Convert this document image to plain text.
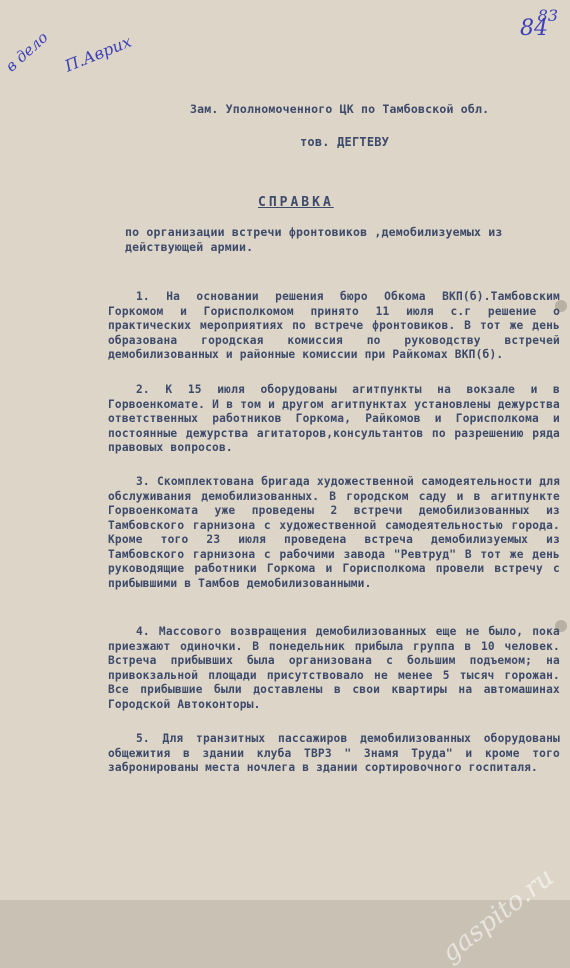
в дело П.Аврих
84
83
Зам. Уполномоченного ЦК по Тамбовской обл.
тов. ДЕГТЕВУ
СПРАВКА
по организации встречи фронтовиков ,демобилизуемых из действующей армии.
1. На основании решения бюро Обкома ВКП(б).Тамбовским Горкомом и Горисполкомом принято 11 июля с.г решение о практических мероприятиях по встрече фронтовиков. В тот же день образована городская комиссия по руководству встречей демобилизованных и районные комиссии при Райкомах ВКП(б).
2. К 15 июля оборудованы агитпункты на вокзале и в Горвоенкомате. И в том и другом агитпунктах установлены дежурства ответственных работников Горкома, Райкомов и Горисполкома и постоянные дежурства агитаторов,консультантов по разрешению ряда правовых вопросов.
3. Скомплектована бригада художественной самодеятельности для обслуживания демобилизованных. В городском саду и в агитпункте Горвоенкомата уже проведены 2 встречи демобилизованных из Тамбовского гарнизона с художественной самодеятельностью города. Кроме того 23 июля проведена встреча демобилизуемых из Тамбовского гарнизона с рабочими завода "Ревтруд" В тот же день руководящие работники Горкома и Горисполкома провели встречу с прибывшими в Тамбов демобилизованными.
4. Массового возвращения демобилизованных еще не было, пока приезжают одиночки. В понедельник прибыла группа в 10 человек. Встреча прибывших была организована с большим подъемом; на привокзальной площади присутствовало не менее 5 тысяч горожан. Все прибывшие были доставлены в свои квартиры на автомашинах Городской Автоконторы.
5. Для транзитных пассажиров демобилизованных оборудованы общежития в здании клуба ТВРЗ " Знамя Труда" и кроме того забронированы места ночлега в здании сортировочного госпиталя.
gaspito.ru
